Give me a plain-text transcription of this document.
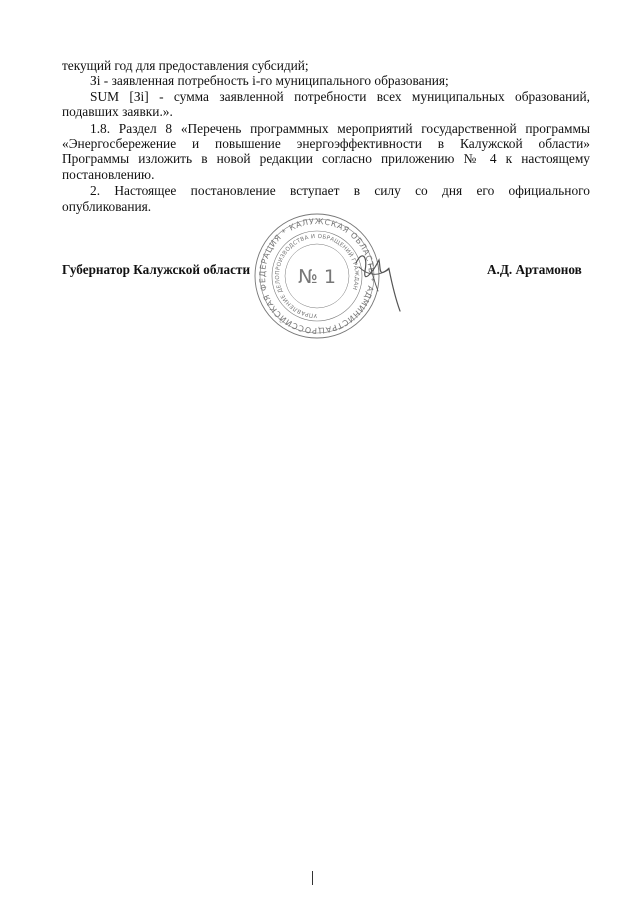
текущий год для предоставления субсидий;

Зi - заявленная потребность i-го муниципального образования;

SUM [Зi] - сумма заявленной потребности всех муниципальных образований, подавших заявки.».

1.8. Раздел 8 «Перечень программных мероприятий государственной программы «Энергосбережение и повышение энергоэффективности в Калужской области» Программы изложить в новой редакции согласно приложению № 4 к настоящему постановлению.

2. Настоящее постановление вступает в силу со дня его официального опубликования.

Губернатор Калужской области	А.Д. Артамонов
РОССИЙСКАЯ ФЕДЕРАЦИЯ * КАЛУЖСКАЯ ОБЛАСТЬ * АДМИНИСТРАЦИЯ ГУБЕРНАТОРА
УПРАВЛЕНИЕ ДЕЛОПРОИЗВОДСТВА И ОБРАЩЕНИЙ ГРАЖДАН
№ 1
